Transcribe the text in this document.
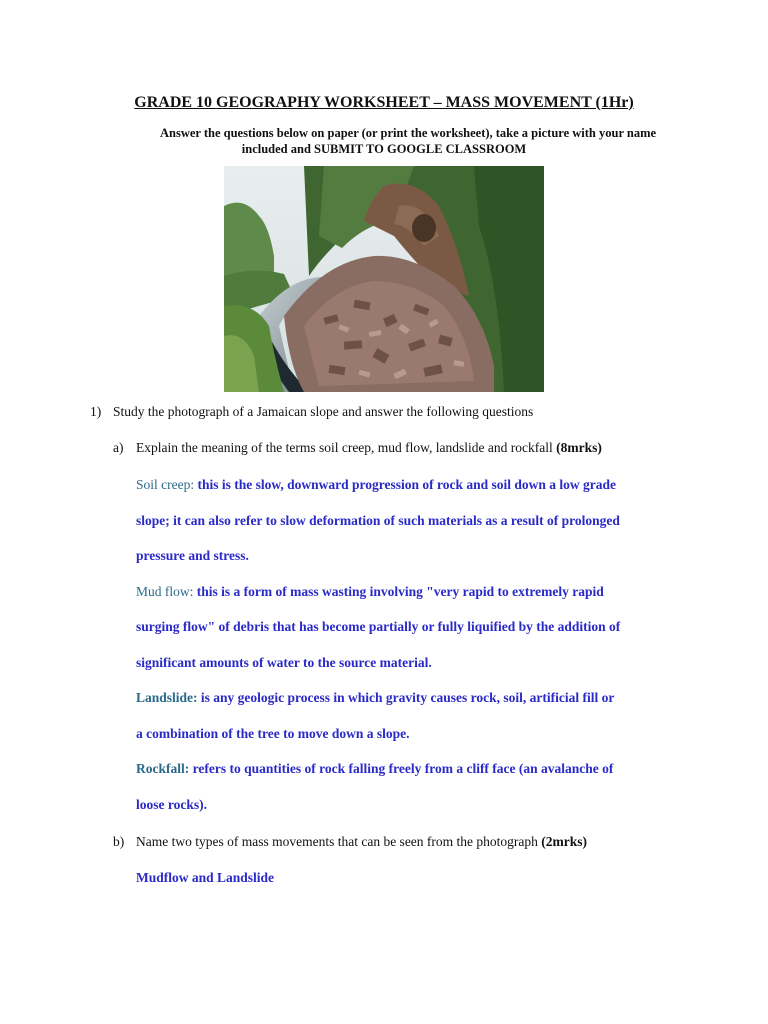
GRADE 10 GEOGRAPHY WORKSHEET – MASS MOVEMENT (1Hr)
Answer the questions below on paper (or print the worksheet), take a picture with your name
included and SUBMIT TO GOOGLE CLASSROOM
1) Study the photograph of a Jamaican slope and answer the following questions
a) Explain the meaning of the terms soil creep, mud flow, landslide and rockfall (8mrks)
Soil creep: this is the slow, downward progression of rock and soil down a low grade
slope; it can also refer to slow deformation of such materials as a result of prolonged
pressure and stress.
Mud flow: this is a form of mass wasting involving "very rapid to extremely rapid
surging flow" of debris that has become partially or fully liquified by the addition of
significant amounts of water to the source material.
Landslide: is any geologic process in which gravity causes rock, soil, artificial fill or
a combination of the tree to move down a slope.
Rockfall: refers to quantities of rock falling freely from a cliff face (an avalanche of
loose rocks).
b) Name two types of mass movements that can be seen from the photograph (2mrks)
Mudflow and Landslide
